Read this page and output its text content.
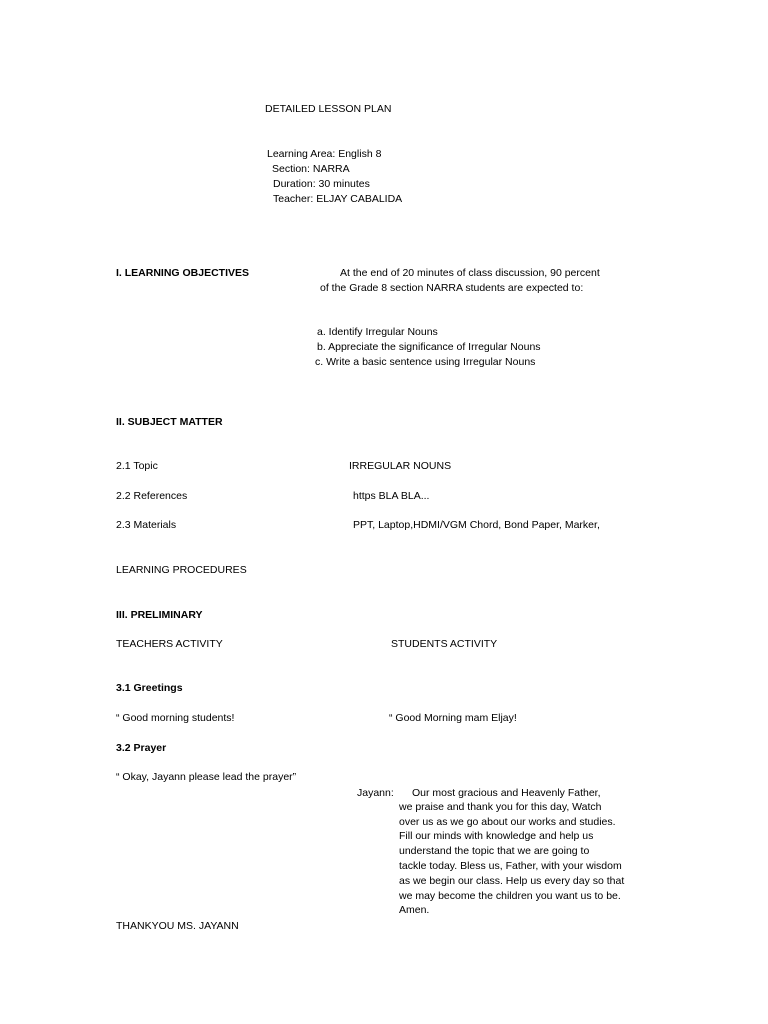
DETAILED LESSON PLAN
Learning Area: English 8
Section: NARRA
Duration: 30 minutes
Teacher: ELJAY CABALIDA
I. LEARNING OBJECTIVES	At the end of 20 minutes of class discussion, 90 percent
of the Grade 8 section NARRA students are expected to:
a. Identify Irregular Nouns
b. Appreciate the significance of Irregular Nouns
c. Write a basic sentence using Irregular Nouns
II. SUBJECT MATTER
2.1 Topic	IRREGULAR NOUNS
2.2 References	https BLA BLA...
2.3 Materials	PPT, Laptop,HDMI/VGM Chord, Bond Paper, Marker,
LEARNING PROCEDURES
III. PRELIMINARY
TEACHERS ACTIVITY	STUDENTS ACTIVITY
3.1 Greetings
“ Good morning students!	“ Good Morning mam Eljay!
3.2 Prayer
“ Okay, Jayann please lead the prayer”
Jayann: Our most gracious and Heavenly Father,
we praise and thank you for this day, Watch
over us as we go about our works and studies.
Fill our minds with knowledge and help us
understand the topic that we are going to
tackle today. Bless us, Father, with your wisdom
as we begin our class. Help us every day so that
we may become the children you want us to be.
Amen.
THANKYOU MS. JAYANN
